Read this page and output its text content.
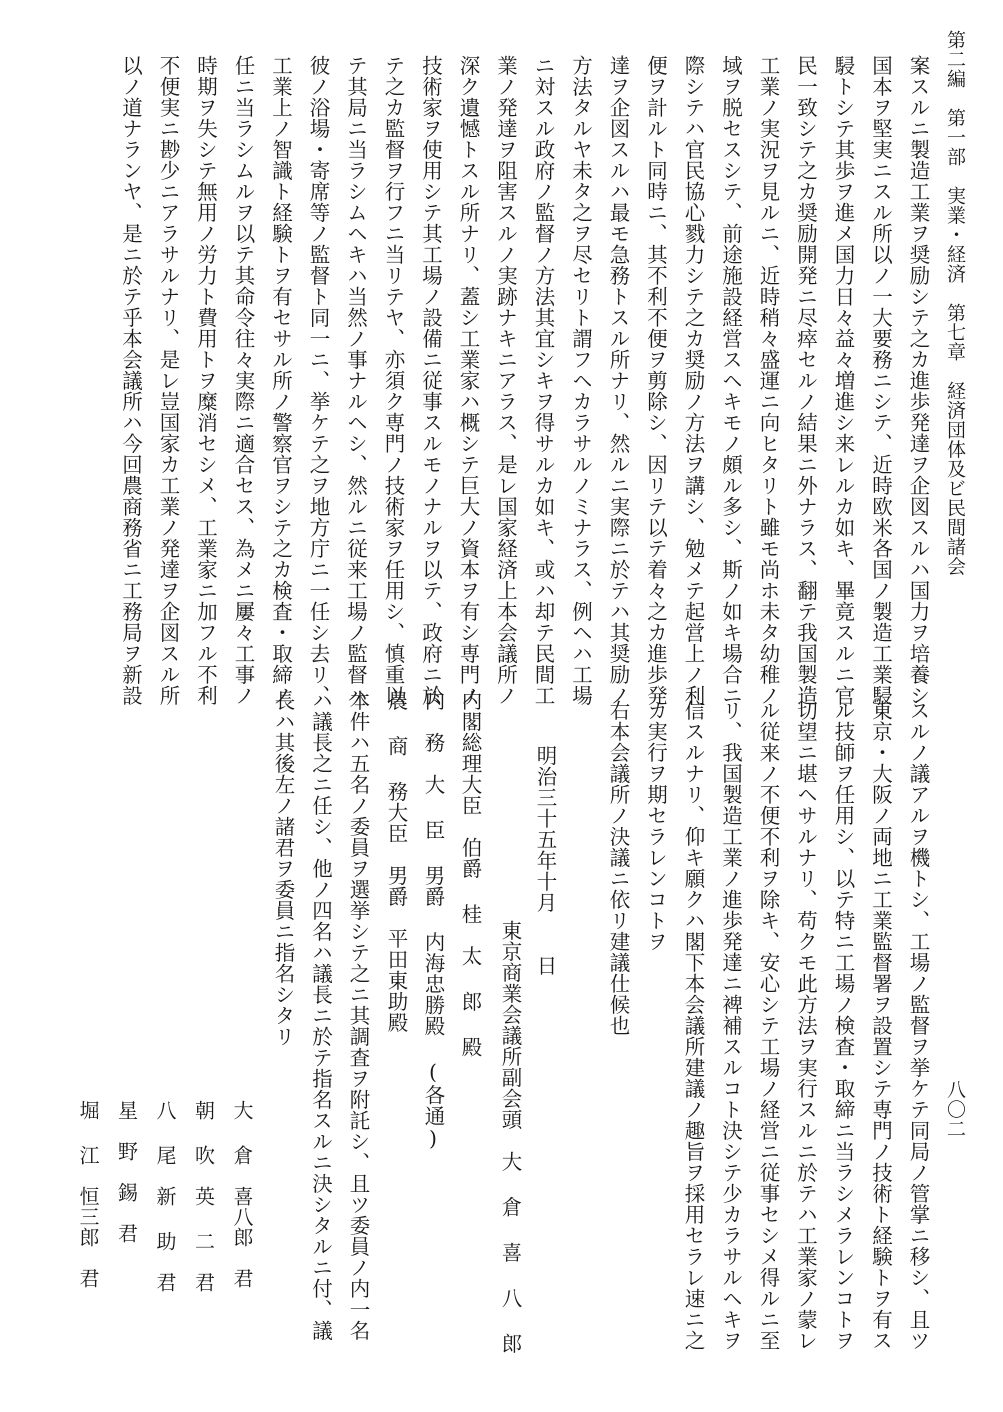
第二編　第一部　実業・経済　第七章　経済団体及ビ民間諸会
八〇二
案スルニ製造工業ヲ奨励シテ之カ進歩発達ヲ企図スルハ国力ヲ培養シ
国本ヲ堅実ニスル所以ノ一大要務ニシテ、近時欧米各国ノ製造工業駸
駸トシテ其歩ヲ進メ国力日々益々増進シ来レルカ如キ、畢竟スルニ官
民一致シテ之カ奨励開発ニ尽瘁セルノ結果ニ外ナラス、翻テ我国製造
工業ノ実況ヲ見ルニ、近時稍々盛運ニ向ヒタリト雖モ尚ホ未タ幼稚ノ
域ヲ脱セスシテ、前途施設経営スヘキモノ頗ル多シ、斯ノ如キ場合ニ
際シテハ官民協心戮力シテ之カ奨励ノ方法ヲ講シ、勉メテ起営上ノ利
便ヲ計ルト同時ニ、其不利不便ヲ剪除シ、因リテ以テ着々之カ進歩発
達ヲ企図スルハ最モ急務トスル所ナリ、然ルニ実際ニ於テハ其奨励ノ
方法タルヤ未タ之ヲ尽セリト謂フヘカラサルノミナラス、例ヘハ工場
ニ対スル政府ノ監督ノ方法其宜シキヲ得サルカ如キ、或ハ却テ民間工
業ノ発達ヲ阻害スルノ実跡ナキニアラス、是レ国家経済上本会議所ノ
深ク遺憾トスル所ナリ、蓋シ工業家ハ概シテ巨大ノ資本ヲ有シ専門ノ
技術家ヲ使用シテ其工場ノ設備ニ従事スルモノナルヲ以テ、政府ニ於
テ之カ監督ヲ行フニ当リテヤ、亦須ク専門ノ技術家ヲ任用シ、慎重以
テ其局ニ当ラシムヘキハ当然ノ事ナルヘシ、然ルニ従来工場ノ監督ハ
彼ノ浴場・寄席等ノ監督ト同一ニ、挙ケテ之ヲ地方庁ニ一任シ去リ、
工業上ノ智識ト経験トヲ有セサル所ノ警察官ヲシテ之カ検査・取締ノ
任ニ当ラシムルヲ以テ其命令往々実際ニ適合セス、為メニ屢々工事ノ
時期ヲ失シテ無用ノ労力ト費用トヲ糜消セシメ、工業家ニ加フル不利
不便実ニ尠少ニアラサルナリ、是レ豈国家カ工業ノ発達ヲ企図スル所
以ノ道ナランヤ、是ニ於テ乎本会議所ハ今回農商務省ニ工務局ヲ新設
スルノ議アルヲ機トシ、工場ノ監督ヲ挙ケテ同局ノ管掌ニ移シ、且ツ
東京・大阪ノ両地ニ工業監督署ヲ設置シテ専門ノ技術ト経験トヲ有ス
ル技師ヲ任用シ、以テ特ニ工場ノ検査・取締ニ当ラシメラレンコトヲ
切望ニ堪ヘサルナリ、苟クモ此方法ヲ実行スルニ於テハ工業家ノ蒙レ
ル従来ノ不便不利ヲ除キ、安心シテ工場ノ経営ニ従事セシメ得ルニ至
リ、我国製造工業ノ進歩発達ニ裨補スルコト決シテ少カラサルヘキヲ
信スルナリ、仰キ願クハ閣下本会議所建議ノ趣旨ヲ採用セラレ速ニ之
カ実行ヲ期セラレンコトヲ
右本会議所ノ決議ニ依リ建議仕候也
明治三十五年十月　　日
東京商業会議所副会頭　大 倉 喜 八 郎
内閣総理大臣　伯爵 桂　太 郎 殿
内　務　大 臣 男爵 内海忠勝殿
農 商 務大臣　男爵　平田東助殿
(各通)
本件ハ五名ノ委員ヲ選挙シテ之ニ其調査ヲ附託シ、且ツ委員ノ内一名
ハ議長之ニ任シ、他ノ四名ハ議長ニ於テ指名スルニ決シタルニ付、議
長ハ其後左ノ諸君ヲ委員ニ指名シタリ
大 倉　喜八郎　君
朝 吹　英 二　君
八 尾　新 助　君
星　野　錫　君
堀 江　恒三郎　君
